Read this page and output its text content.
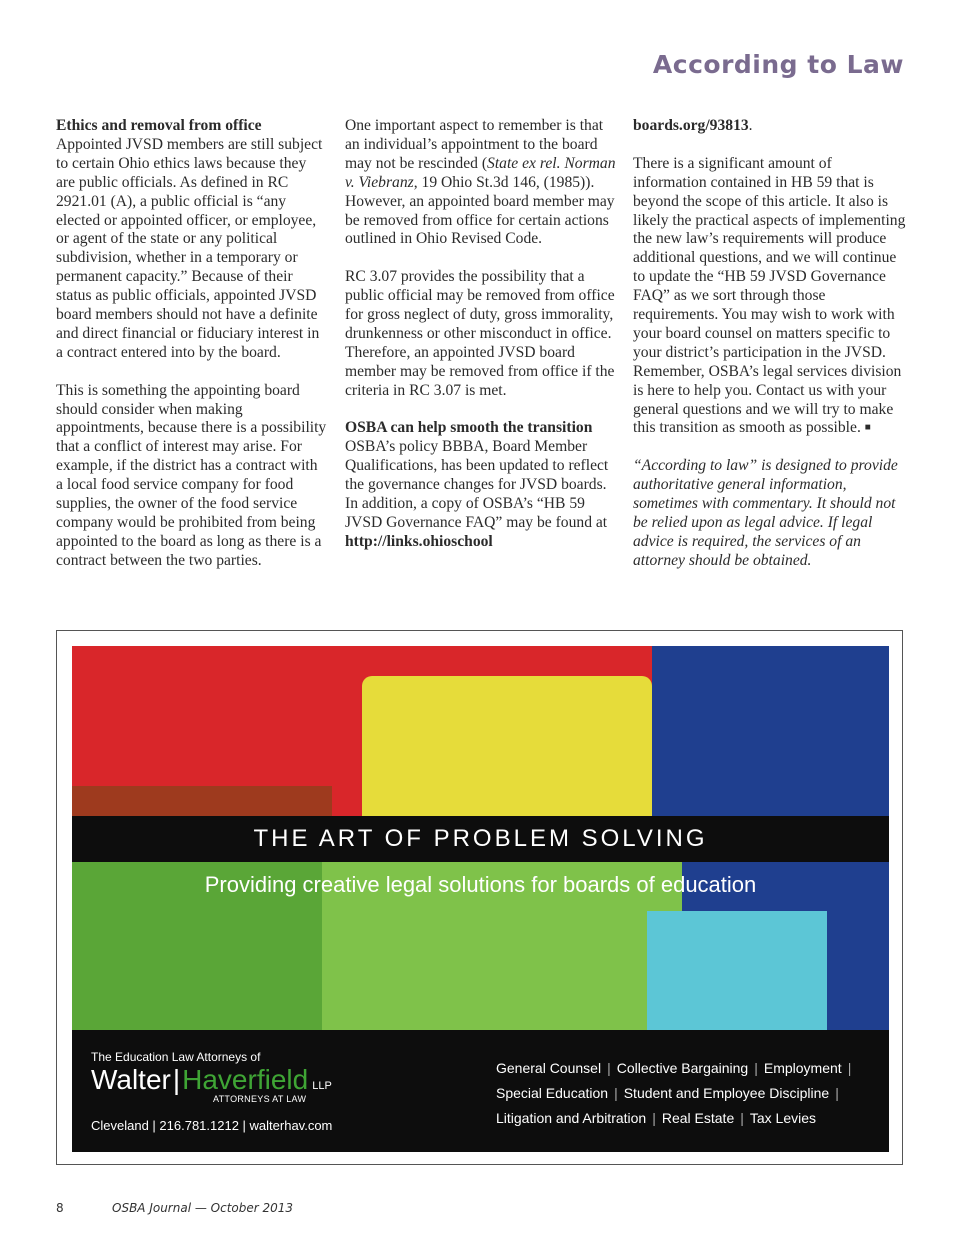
According to Law
Ethics and removal from office

Appointed JVSD members are still subject to certain Ohio ethics laws because they are public officials. As defined in RC 2921.01 (A), a public official is “any elected or appointed officer, or employee, or agent of the state or any political subdivision, whether in a temporary or permanent capacity.” Because of their status as public officials, appointed JVSD board members should not have a definite and direct financial or fiduciary interest in a contract entered into by the board.

This is something the appointing board should consider when making appointments, because there is a possibility that a conflict of interest may arise. For example, if the district has a contract with a local food service company for food supplies, the owner of the food service company would be prohibited from being appointed to the board as long as there is a contract between the two parties.

One important aspect to remember is that an individual’s appointment to the board may not be rescinded (State ex rel. Norman v. Viebranz, 19 Ohio St.3d 146, (1985)). However, an appointed board member may be removed from office for certain actions outlined in Ohio Revised Code.

RC 3.07 provides the possibility that a public official may be removed from office for gross neglect of duty, gross immorality, drunkenness or other misconduct in office. Therefore, an appointed JVSD board member may be removed from office if the criteria in RC 3.07 is met.

OSBA can help smooth the transition

OSBA’s policy BBBA, Board Member Qualifications, has been updated to reflect the governance changes for JVSD boards. In addition, a copy of OSBA’s “HB 59 JVSD Governance FAQ” may be found at http://links.ohioschool

boards.org/93813.

There is a significant amount of information contained in HB 59 that is beyond the scope of this article. It also is likely the practical aspects of implementing the new law’s requirements will produce additional questions, and we will continue to update the “HB 59 JVSD Governance FAQ” as we sort through those requirements. You may wish to work with your board counsel on matters specific to your district’s participation in the JVSD. Remember, OSBA’s legal services division is here to help you. Contact us with your general questions and we will try to make this transition as smooth as possible. ■

“According to law” is designed to provide authoritative general information, sometimes with commentary. It should not be relied upon as legal advice. If legal advice is required, the services of an attorney should be obtained.

THE ART OF PROBLEM SOLVING
Providing creative legal solutions for boards of education
The Education Law Attorneys of
Walter|Haverfield LLP
ATTORNEYS AT LAW
Cleveland | 216.781.1212 | walterhav.com
General Counsel | Collective Bargaining | Employment |
Special Education | Student and Employee Discipline |
Litigation and Arbitration | Real Estate | Tax Levies
8	OSBA Journal — October 2013
